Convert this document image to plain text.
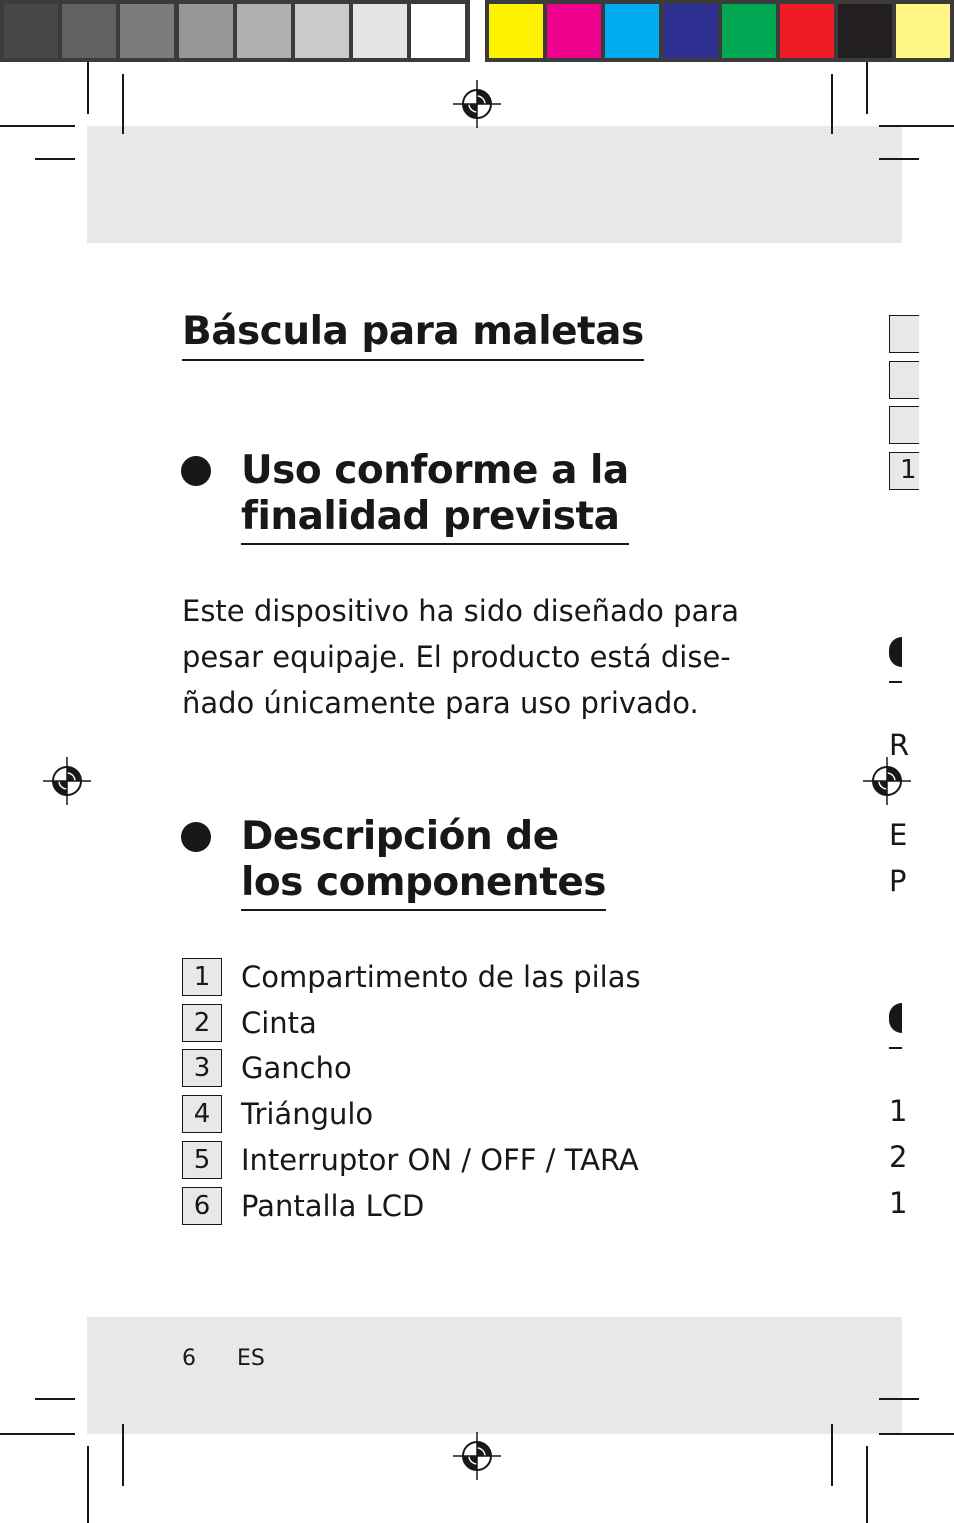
Báscula para maletas
Uso conforme a la
finalidad prevista
Este dispositivo ha sido diseñado para
pesar equipaje. El producto está dise-
ñado únicamente para uso privado.
Descripción de
los componentes
1	Compartimento de las pilas
2	Cinta
3	Gancho
4	Triángulo
5	Interruptor ON / OFF / TARA
6	Pantalla LCD
6 ES
1
R
E
P
1
2
1
